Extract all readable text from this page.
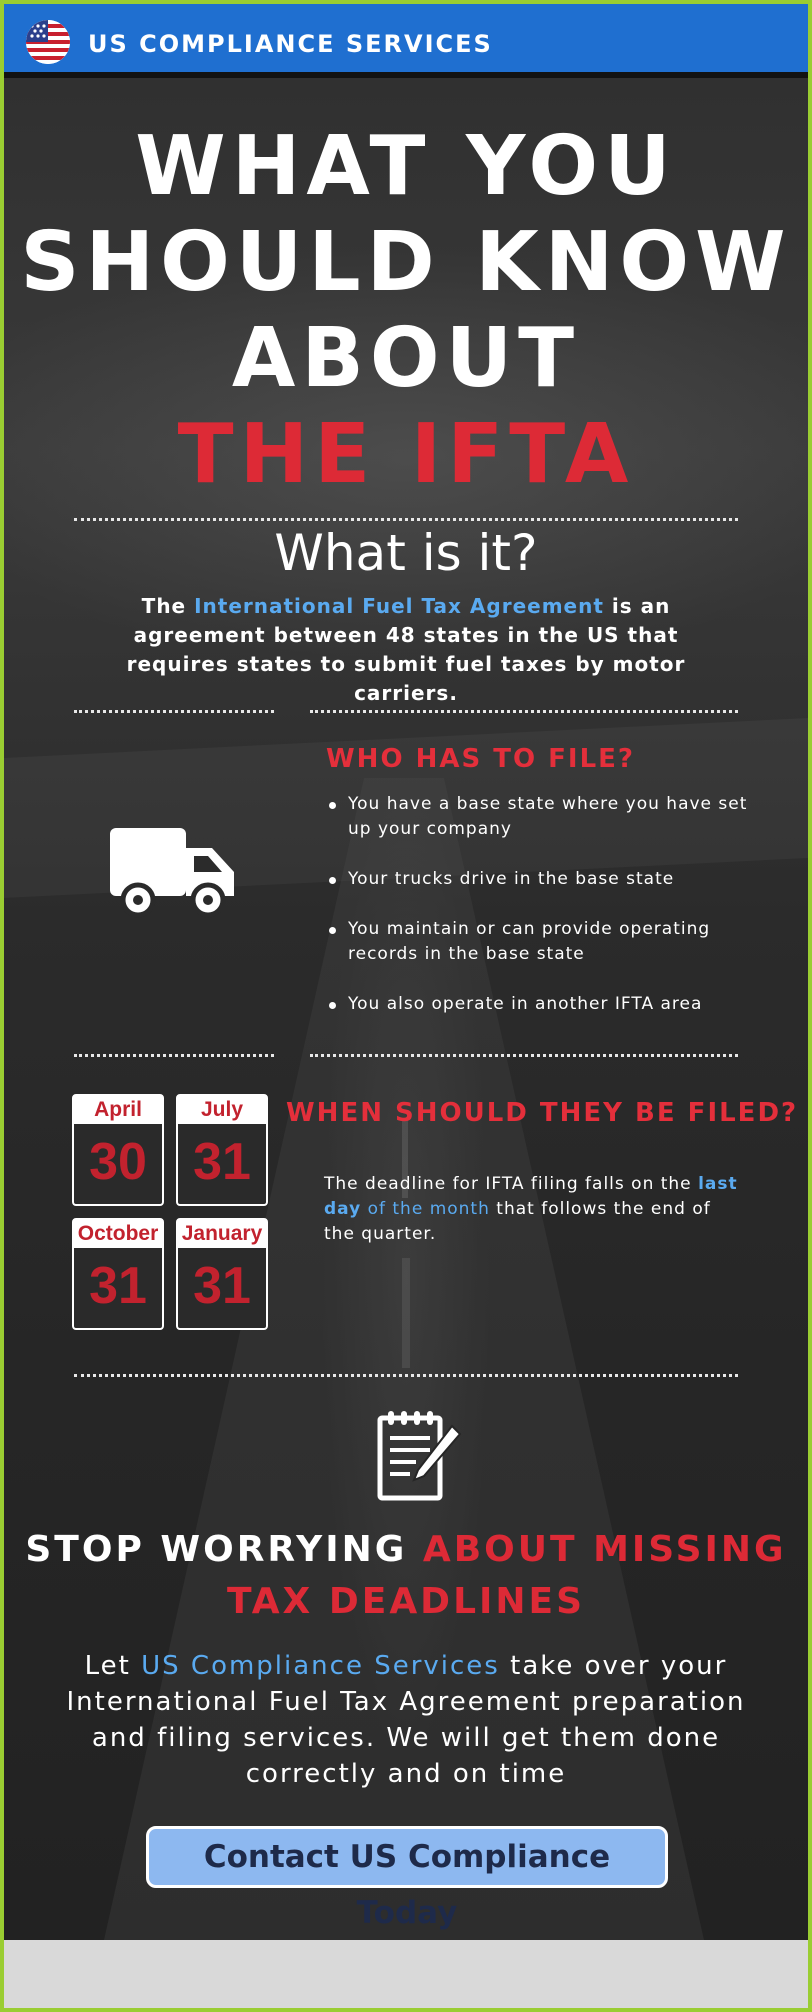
US COMPLIANCE SERVICES
WHAT YOU
SHOULD KNOW
ABOUT
THE IFTA
What is it?
The International Fuel Tax Agreement is an agreement between 48 states in the US that requires states to submit fuel taxes by motor carriers.
WHO HAS TO FILE?
You have a base state where you have set up your company
Your trucks drive in the base state
You maintain or can provide operating records in the base state
You also operate in another IFTA area
April
30
July
31
October
31
January
31
WHEN SHOULD THEY BE FILED?
The deadline for IFTA filing falls on the last day of the month that follows the end of the quarter.
STOP WORRYING ABOUT MISSING TAX DEADLINES
Let US Compliance Services take over your International Fuel Tax Agreement preparation and filing services. We will get them done correctly and on time
Contact US Compliance Today
